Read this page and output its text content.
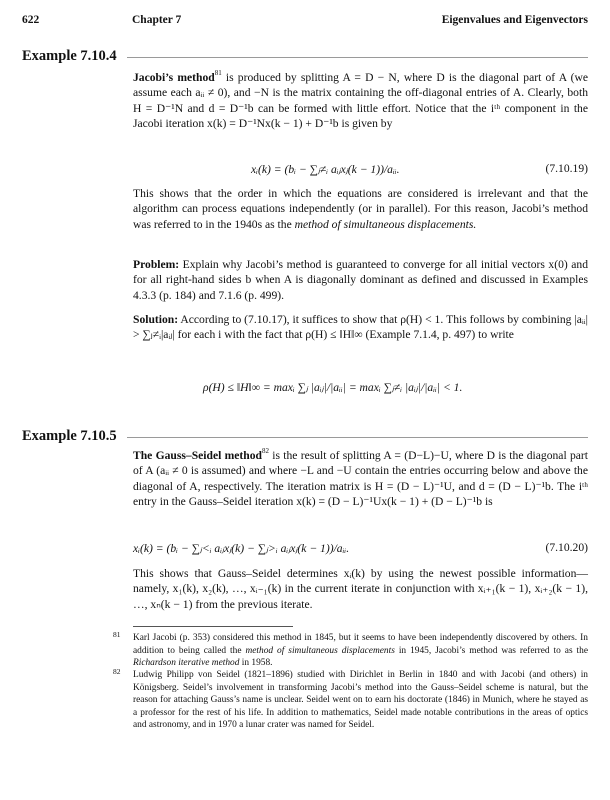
622	Chapter 7	Eigenvalues and Eigenvectors
Example 7.10.4

Jacobi’s method$^{81}$ is produced by splitting A = D − N, where D is the diagonal part of A (we assume each aᵢᵢ ≠ 0), and −N is the matrix containing the off-diagonal entries of A. Clearly, both H = D⁻¹N and d = D⁻¹b can be formed with little effort. Notice that the iᵗʰ component in the Jacobi iteration x(k) = D⁻¹Nx(k − 1) + D⁻¹b is given by

xᵢ(k) = (bᵢ − ∑ⱼ≠ᵢ aᵢⱼxⱼ(k − 1))/aᵢᵢ.	(7.10.19)

This shows that the order in which the equations are considered is irrelevant and that the algorithm can process equations independently (or in parallel). For this reason, Jacobi’s method was referred to in the 1940s as the method of simultaneous displacements.

Problem: Explain why Jacobi’s method is guaranteed to converge for all initial vectors x(0) and for all right-hand sides b when A is diagonally dominant as defined and discussed in Examples 4.3.3 (p. 184) and 7.1.6 (p. 499).

Solution: According to (7.10.17), it suffices to show that ρ(H) < 1. This follows by combining |aᵢᵢ| > ∑ⱼ≠ᵢ|aᵢⱼ| for each i with the fact that ρ(H) ≤ ‖H‖∞ (Example 7.1.4, p. 497) to write

ρ(H) ≤ ‖H‖∞ = maxᵢ ∑ⱼ |aᵢⱼ|/|aᵢᵢ| = maxᵢ ∑ⱼ≠ᵢ |aᵢⱼ|/|aᵢᵢ| < 1.
Example 7.10.5

The Gauss–Seidel method$^{82}$ is the result of splitting A = (D−L)−U, where D is the diagonal part of A (aᵢᵢ ≠ 0 is assumed) and where −L and −U contain the entries occurring below and above the diagonal of A, respectively. The iteration matrix is H = (D − L)⁻¹U, and d = (D − L)⁻¹b. The iᵗʰ entry in the Gauss–Seidel iteration x(k) = (D − L)⁻¹Ux(k − 1) + (D − L)⁻¹b is

xᵢ(k) = (bᵢ − ∑ⱼ<ᵢ aᵢⱼxⱼ(k) − ∑ⱼ>ᵢ aᵢⱼxⱼ(k − 1))/aᵢᵢ.	(7.10.20)

This shows that Gauss–Seidel determines xᵢ(k) by using the newest possible information—namely, x₁(k), x₂(k), …, xᵢ₋₁(k) in the current iterate in conjunction with xᵢ₊₁(k − 1), xᵢ₊₂(k − 1), …, xₙ(k − 1) from the previous iterate.

81 Karl Jacobi (p. 353) considered this method in 1845, but it seems to have been independently discovered by others. In addition to being called the method of simultaneous displacements in 1945, Jacobi’s method was referred to as the Richardson iterative method in 1958.
82 Ludwig Philipp von Seidel (1821–1896) studied with Dirichlet in Berlin in 1840 and with Jacobi (and others) in Königsberg. Seidel’s involvement in transforming Jacobi’s method into the Gauss–Seidel scheme is natural, but the reason for attaching Gauss’s name is unclear. Seidel went on to earn his doctorate (1846) in Munich, where he stayed as a professor for the rest of his life. In addition to mathematics, Seidel made notable contributions in the areas of optics and astronomy, and in 1970 a lunar crater was named for Seidel.
